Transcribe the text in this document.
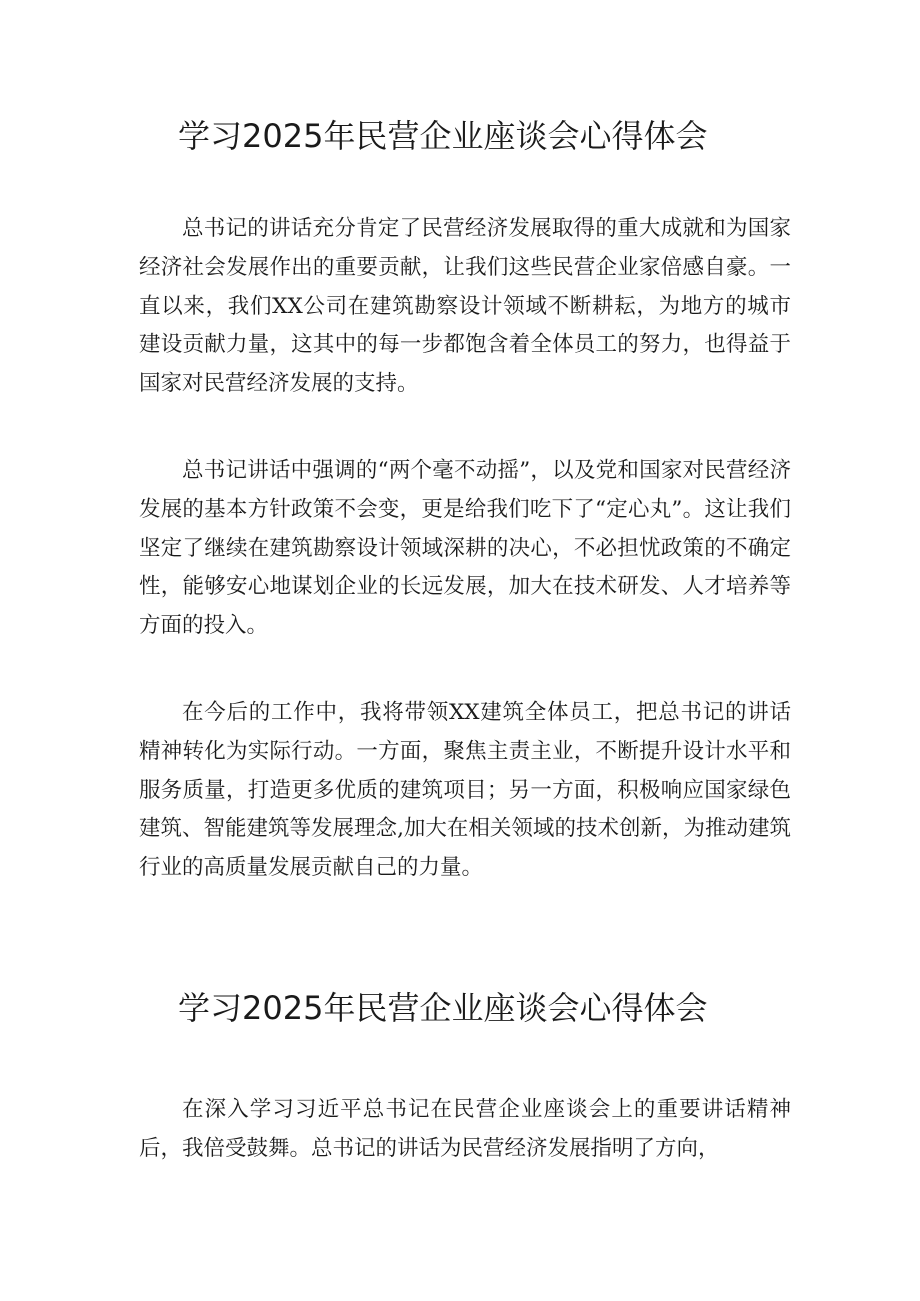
学习2025年民营企业座谈会心得体会

总书记的讲话充分肯定了民营经济发展取得的重大成就和为国家经济社会发展作出的重要贡献，让我们这些民营企业家倍感自豪。一直以来，我们XX公司在建筑勘察设计领域不断耕耘，为地方的城市建设贡献力量，这其中的每一步都饱含着全体员工的努力，也得益于国家对民营经济发展的支持。

总书记讲话中强调的“两个毫不动摇”，以及党和国家对民营经济发展的基本方针政策不会变，更是给我们吃下了“定心丸”。这让我们坚定了继续在建筑勘察设计领域深耕的决心，不必担忧政策的不确定性，能够安心地谋划企业的长远发展，加大在技术研发、人才培养等方面的投入。

在今后的工作中，我将带领XX建筑全体员工，把总书记的讲话精神转化为实际行动。一方面，聚焦主责主业，不断提升设计水平和服务质量，打造更多优质的建筑项目；另一方面，积极响应国家绿色建筑、智能建筑等发展理念,加大在相关领域的技术创新，为推动建筑行业的高质量发展贡献自己的力量。

学习2025年民营企业座谈会心得体会

在深入学习习近平总书记在民营企业座谈会上的重要讲话精神后，我倍受鼓舞。总书记的讲话为民营经济发展指明了方向，
